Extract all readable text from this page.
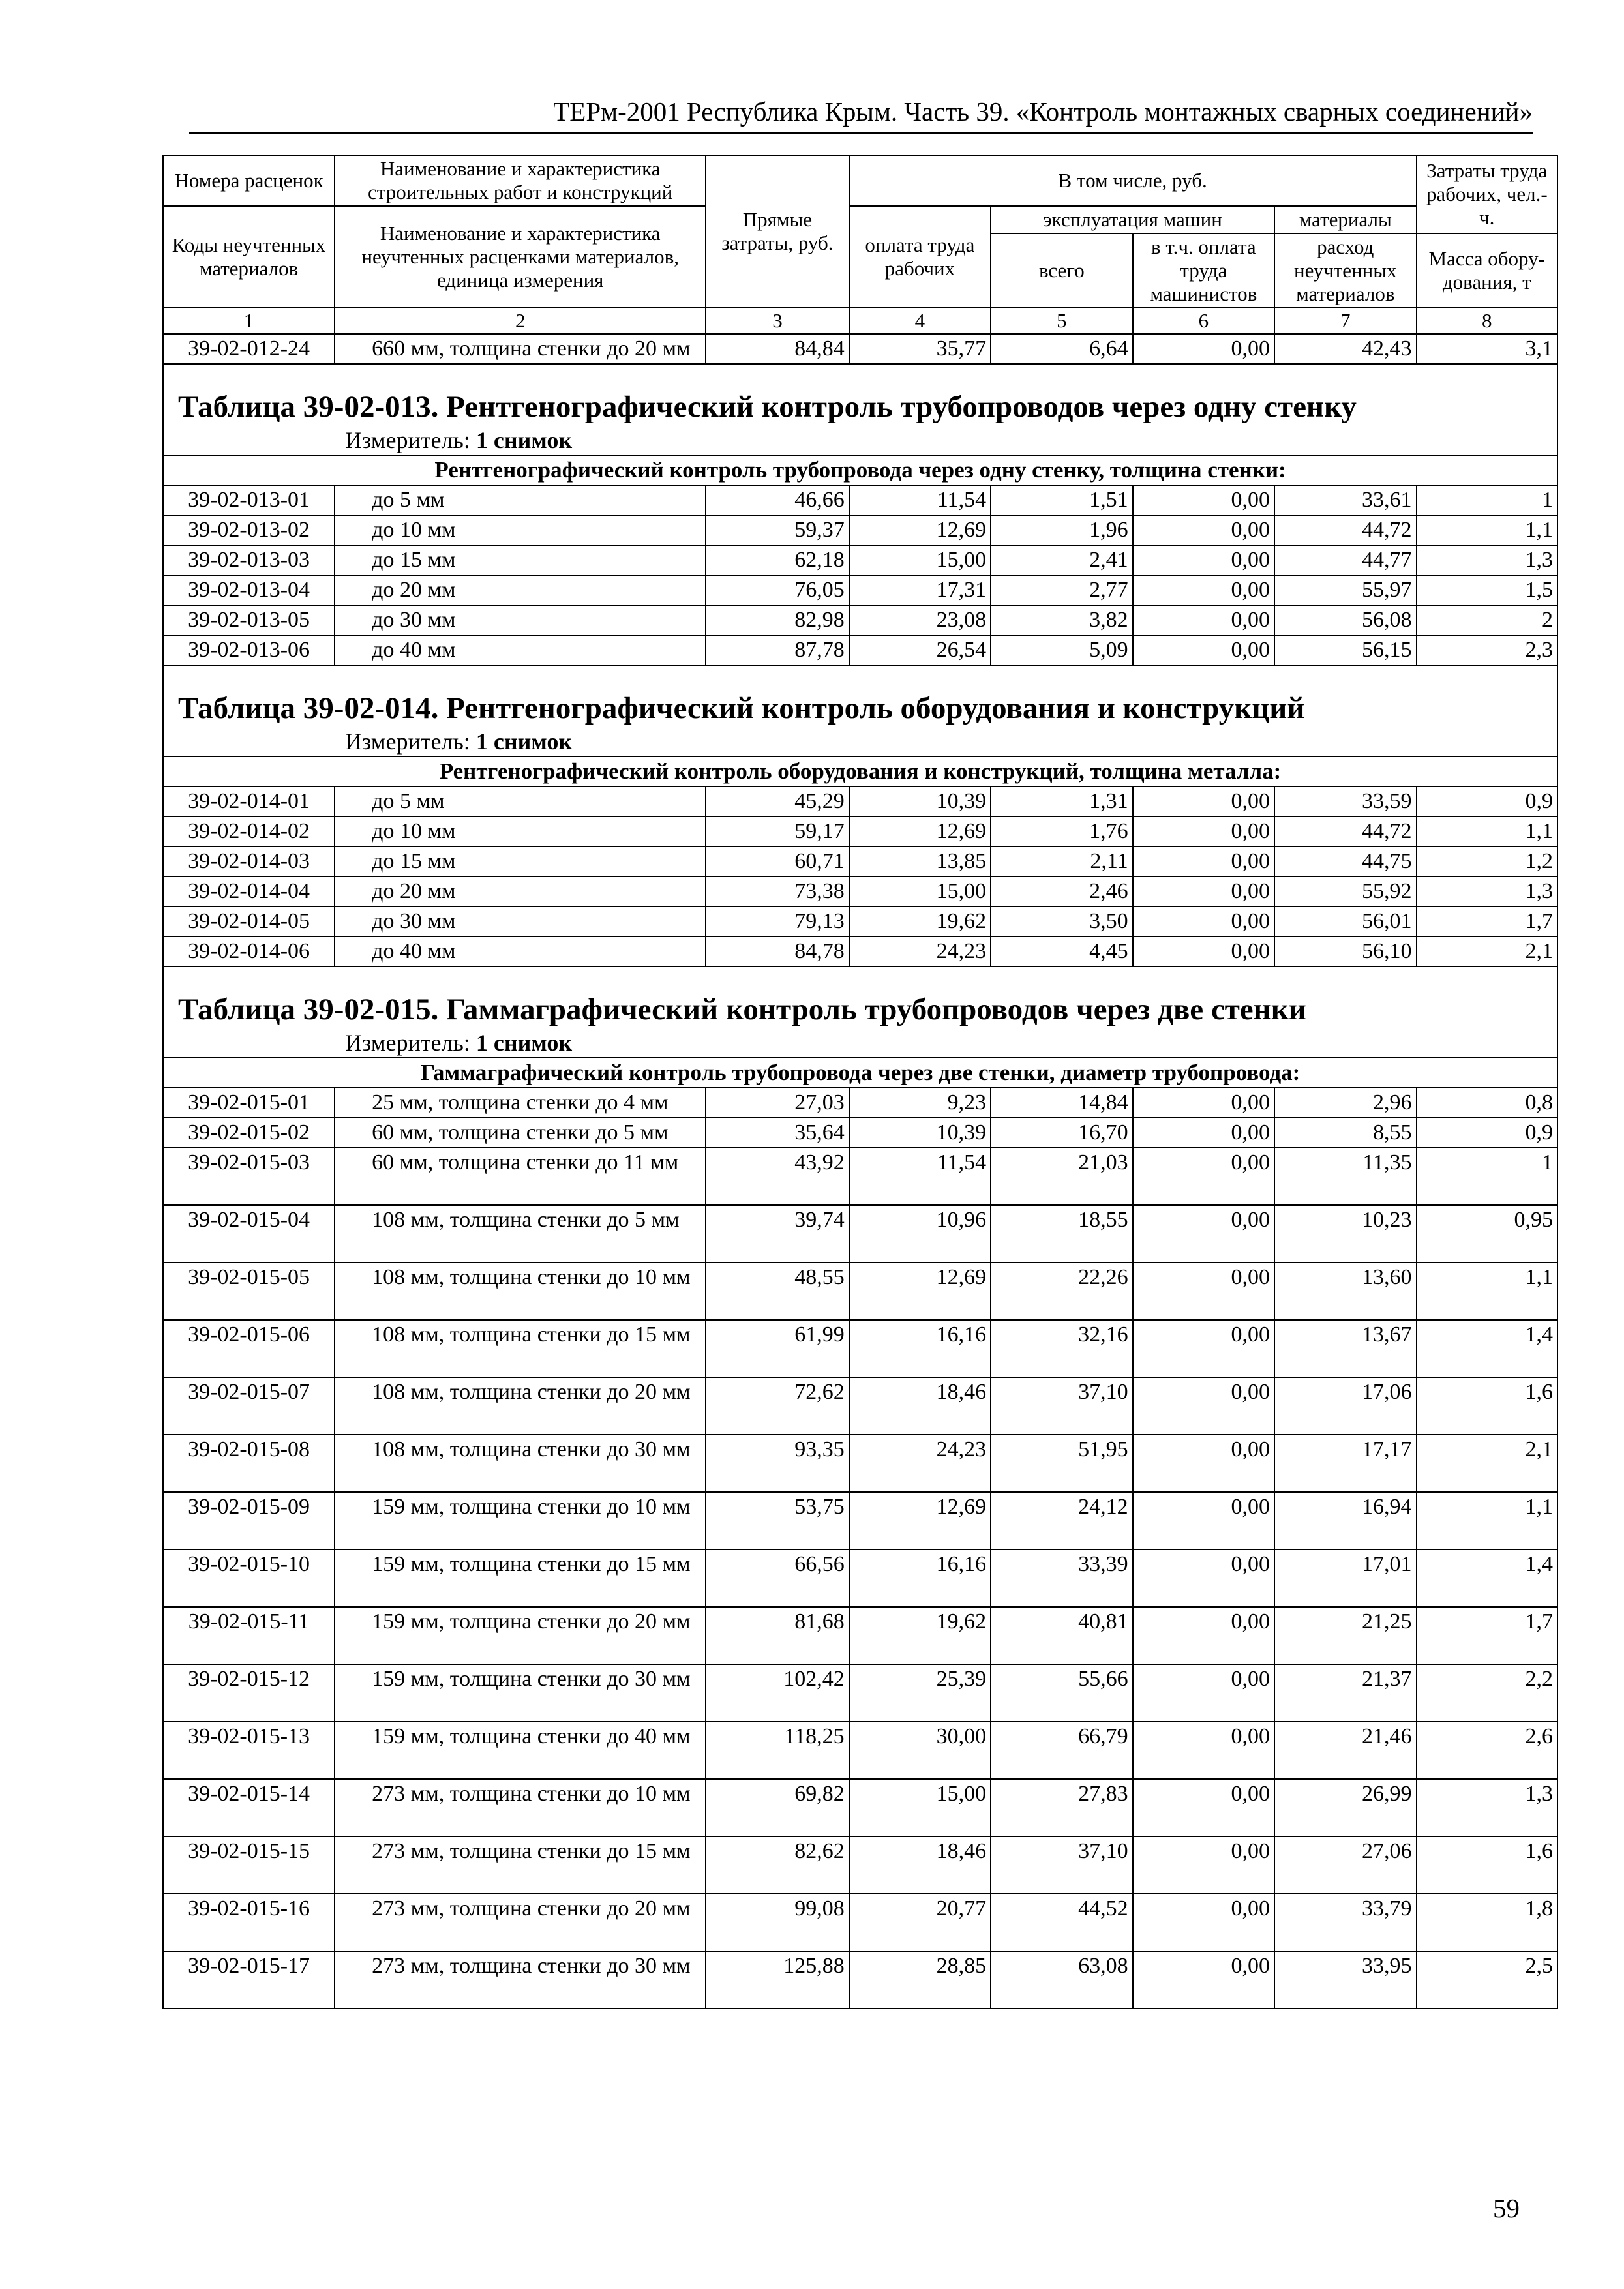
ТЕРм-2001 Республика Крым. Часть 39. «Контроль монтажных сварных соединений»
Номера расценок	Наименование и характеристика строительных работ и конструкций	Прямые затраты, руб.	В том числе, руб.				Затраты труда рабочих, чел.-ч.
Коды неучтенных материалов	Наименование и характеристика неучтенных расценками материалов, единица измерения		оплата труда рабочих	эксплуатация машин		материалы	
				всего	в т.ч. оплата труда машинистов	расход неучтенных материалов	Масса обору-дования, т
1	2	3	4	5	6	7	8
39-02-012-24	660 мм, толщина стенки до 20 мм	84,84	35,77	6,64	0,00	42,43	3,1

Таблица 39-02-013. Рентгенографический контроль трубопроводов через одну стенку							
Измеритель: 1 снимок							
Рентгенографический контроль трубопровода через одну стенку, толщина стенки:							
39-02-013-01	до 5 мм	46,66	11,54	1,51	0,00	33,61	1
39-02-013-02	до 10 мм	59,37	12,69	1,96	0,00	44,72	1,1
39-02-013-03	до 15 мм	62,18	15,00	2,41	0,00	44,77	1,3
39-02-013-04	до 20 мм	76,05	17,31	2,77	0,00	55,97	1,5
39-02-013-05	до 30 мм	82,98	23,08	3,82	0,00	56,08	2
39-02-013-06	до 40 мм	87,78	26,54	5,09	0,00	56,15	2,3

Таблица 39-02-014. Рентгенографический контроль оборудования и конструкций							
Измеритель: 1 снимок							
Рентгенографический контроль оборудования и конструкций, толщина металла:							
39-02-014-01	до 5 мм	45,29	10,39	1,31	0,00	33,59	0,9
39-02-014-02	до 10 мм	59,17	12,69	1,76	0,00	44,72	1,1
39-02-014-03	до 15 мм	60,71	13,85	2,11	0,00	44,75	1,2
39-02-014-04	до 20 мм	73,38	15,00	2,46	0,00	55,92	1,3
39-02-014-05	до 30 мм	79,13	19,62	3,50	0,00	56,01	1,7
39-02-014-06	до 40 мм	84,78	24,23	4,45	0,00	56,10	2,1

Таблица 39-02-015. Гаммаграфический контроль трубопроводов через две стенки							
Измеритель: 1 снимок							
Гаммаграфический контроль трубопровода через две стенки, диаметр трубопровода:							
39-02-015-01	25 мм, толщина стенки до 4 мм	27,03	9,23	14,84	0,00	2,96	0,8
39-02-015-02	60 мм, толщина стенки до 5 мм	35,64	10,39	16,70	0,00	8,55	0,9
39-02-015-03	60 мм, толщина стенки до 11 мм	43,92	11,54	21,03	0,00	11,35	1
39-02-015-04	108 мм, толщина стенки до 5 мм	39,74	10,96	18,55	0,00	10,23	0,95
39-02-015-05	108 мм, толщина стенки до 10 мм	48,55	12,69	22,26	0,00	13,60	1,1
39-02-015-06	108 мм, толщина стенки до 15 мм	61,99	16,16	32,16	0,00	13,67	1,4
39-02-015-07	108 мм, толщина стенки до 20 мм	72,62	18,46	37,10	0,00	17,06	1,6
39-02-015-08	108 мм, толщина стенки до 30 мм	93,35	24,23	51,95	0,00	17,17	2,1
39-02-015-09	159 мм, толщина стенки до 10 мм	53,75	12,69	24,12	0,00	16,94	1,1
39-02-015-10	159 мм, толщина стенки до 15 мм	66,56	16,16	33,39	0,00	17,01	1,4
39-02-015-11	159 мм, толщина стенки до 20 мм	81,68	19,62	40,81	0,00	21,25	1,7
39-02-015-12	159 мм, толщина стенки до 30 мм	102,42	25,39	55,66	0,00	21,37	2,2
39-02-015-13	159 мм, толщина стенки до 40 мм	118,25	30,00	66,79	0,00	21,46	2,6
39-02-015-14	273 мм, толщина стенки до 10 мм	69,82	15,00	27,83	0,00	26,99	1,3
39-02-015-15	273 мм, толщина стенки до 15 мм	82,62	18,46	37,10	0,00	27,06	1,6
39-02-015-16	273 мм, толщина стенки до 20 мм	99,08	20,77	44,52	0,00	33,79	1,8
39-02-015-17	273 мм, толщина стенки до 30 мм	125,88	28,85	63,08	0,00	33,95	2,5
59
